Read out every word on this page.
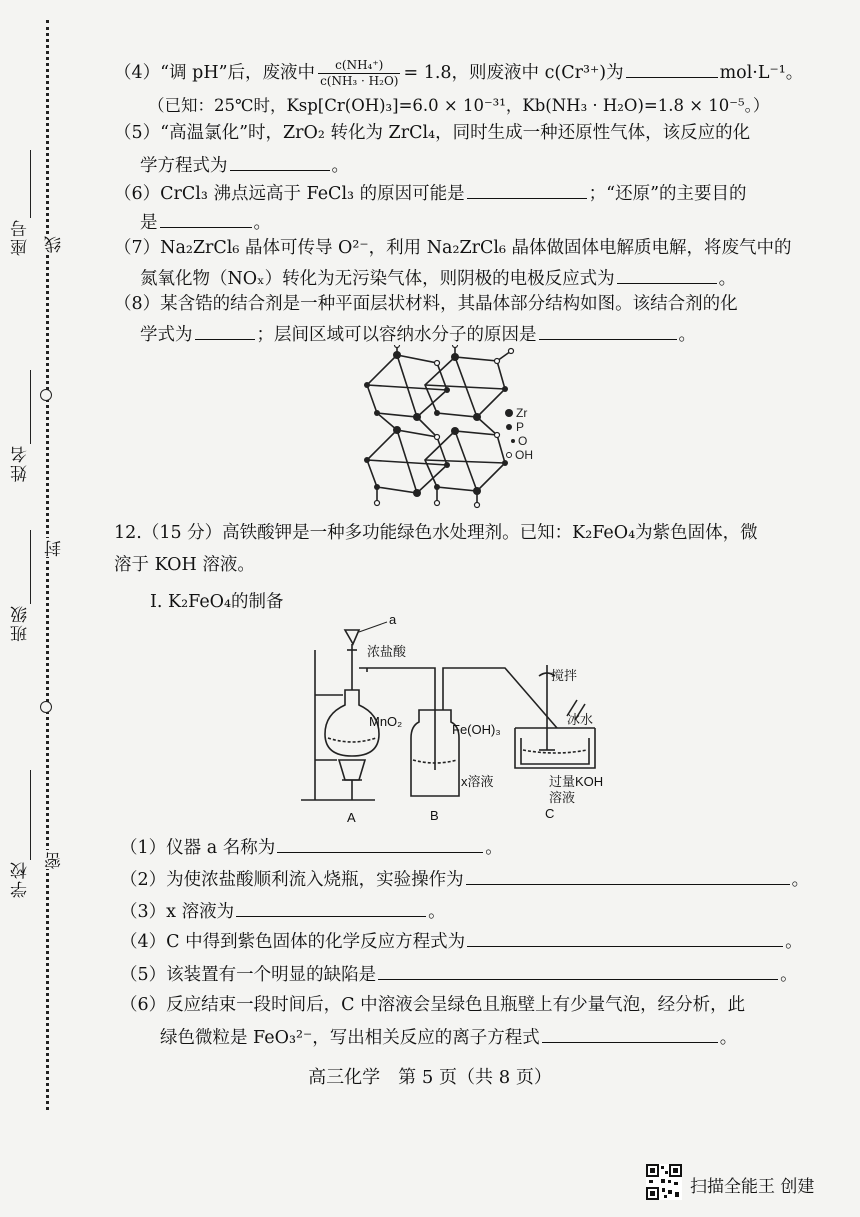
座号 线
姓名
封
班级
学校
密
（4）“调 pH”后，废液中 $\frac{\text{c(NH₄⁺)}}{\text{c(NH₃ · H₂O)}} = 1.8$，则废液中 c(Cr³⁺)为	mol·L⁻¹。
（已知：25℃时，Ksp[Cr(OH)₃]=6.0 × 10⁻³¹，Kb(NH₃ · H₂O)=1.8 × 10⁻⁵。）
（5）“高温氯化”时，ZrO₂ 转化为 ZrCl₄，同时生成一种还原性气体，该反应的化
学方程式为	。
（6）CrCl₃ 沸点远高于 FeCl₃ 的原因可能是	；“还原”的主要目的
是	。
（7）Na₂ZrCl₆ 晶体可传导 O²⁻，利用 Na₂ZrCl₆ 晶体做固体电解质电解，将废气中的
氮氧化物（NOₓ）转化为无污染气体，则阴极的电极反应式为	。
（8）某含锆的结合剂是一种平面层状材料，其晶体部分结构如图。该结合剂的化
学式为	；层间区域可以容纳水分子的原因是	。
Zr
P
O
OH
12.（15 分）高铁酸钾是一种多功能绿色水处理剂。已知：K₂FeO₄为紫色固体，微
溶于 KOH 溶液。
Ⅰ. K₂FeO₄的制备
a
浓盐酸
MnO₂
Fe(OH)₃
搅拌
冰水
x溶液	过量KOH
溶液
A	B	C
（1）仪器 a 名称为	。
（2）为使浓盐酸顺利流入烧瓶，实验操作为	。
（3）x 溶液为	。
（4）C 中得到紫色固体的化学反应方程式为	。
（5）该装置有一个明显的缺陷是	。
（6）反应结束一段时间后，C 中溶液会呈绿色且瓶壁上有少量气泡，经分析，此
绿色微粒是 FeO₃²⁻，写出相关反应的离子方程式	。
高三化学　第 5 页（共 8 页）
扫描全能王 创建
